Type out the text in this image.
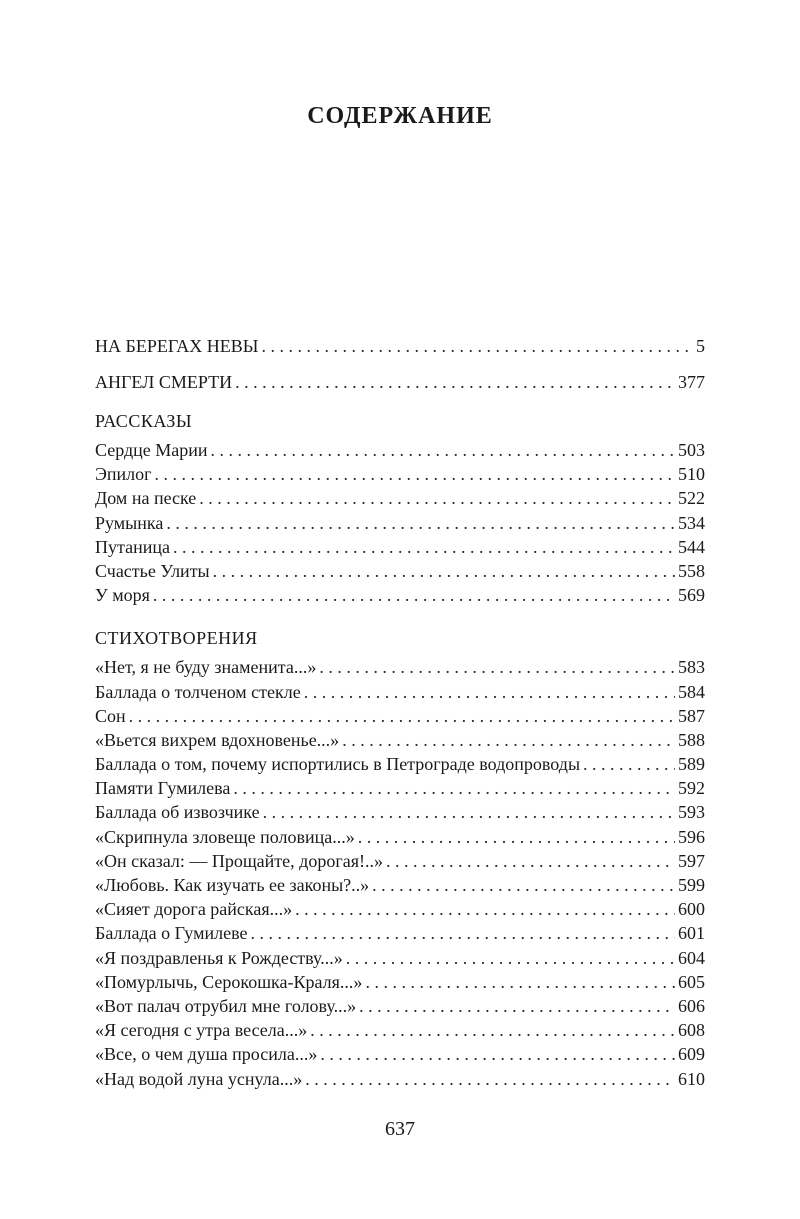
СОДЕРЖАНИЕ
НА БЕРЕГАХ НЕВЫ . . .	5
АНГЕЛ СМЕРТИ . . .	377
РАССКАЗЫ
Сердце Марии . . .	503
Эпилог . . .	510
Дом на песке . . .	522
Румынка . . .	534
Путаница . . .	544
Счастье Улиты . . .	558
У моря . . .	569
СТИХОТВОРЕНИЯ
«Нет, я не буду знаменита...» . . .	583
Баллада о толченом стекле . . .	584
Сон . . .	587
«Вьется вихрем вдохновенье...» . . .	588
Баллада о том, почему испортились в Петрограде водопроводы . . .	589
Памяти Гумилева . . .	592
Баллада об извозчике . . .	593
«Скрипнула зловеще половица...» . . .	596
«Он сказал: — Прощайте, дорогая!..» . . .	597
«Любовь. Как изучать ее законы?..» . . .	599
«Сияет дорога райская...» . . .	600
Баллада о Гумилеве . . .	601
«Я поздравленья к Рождеству...» . . .	604
«Помурлычь, Серокошка-Краля...» . . .	605
«Вот палач отрубил мне голову...» . . .	606
«Я сегодня с утра весела...» . . .	608
«Все, о чем душа просила...» . . .	609
«Над водой луна уснула...» . . .	610
637
